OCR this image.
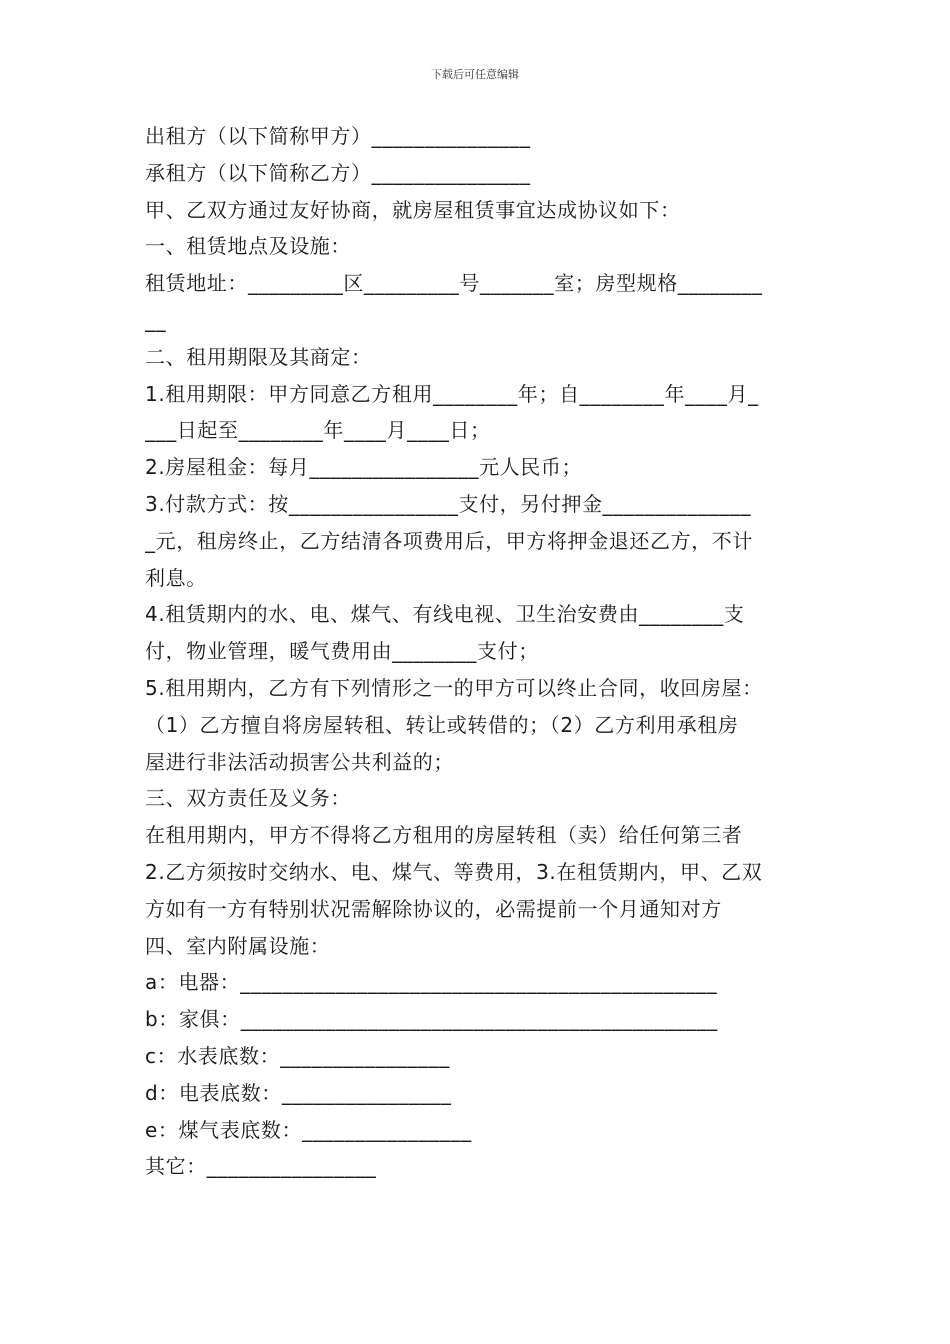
下载后可任意编辑
出租方（以下简称甲方）_______________
承租方（以下简称乙方）_______________
甲、乙双方通过友好协商，就房屋租赁事宜达成协议如下：
一、租赁地点及设施：
租赁地址：_________区_________号_______室；房型规格________
__
二、租用期限及其商定：
1.租用期限：甲方同意乙方租用________年；自________年____月_
___日起至________年____月____日；
2.房屋租金：每月________________元人民币；
3.付款方式：按________________支付，另付押金______________
_元，租房终止，乙方结清各项费用后，甲方将押金退还乙方，不计
利息。
4.租赁期内的水、电、煤气、有线电视、卫生治安费由________支
付，物业管理，暖气费用由________支付；
5.租用期内，乙方有下列情形之一的甲方可以终止合同，收回房屋：
（1）乙方擅自将房屋转租、转让或转借的；（2）乙方利用承租房
屋进行非法活动损害公共利益的；
三、双方责任及义务：
在租用期内，甲方不得将乙方租用的房屋转租（卖）给任何第三者
2.乙方须按时交纳水、电、煤气、等费用，3.在租赁期内，甲、乙双
方如有一方有特别状况需解除协议的，必需提前一个月通知对方
四、室内附属设施：
a：电器：_____________________________________________
b：家俱：_____________________________________________
c：水表底数：________________
d：电表底数：________________
e：煤气表底数：________________
其它：________________
